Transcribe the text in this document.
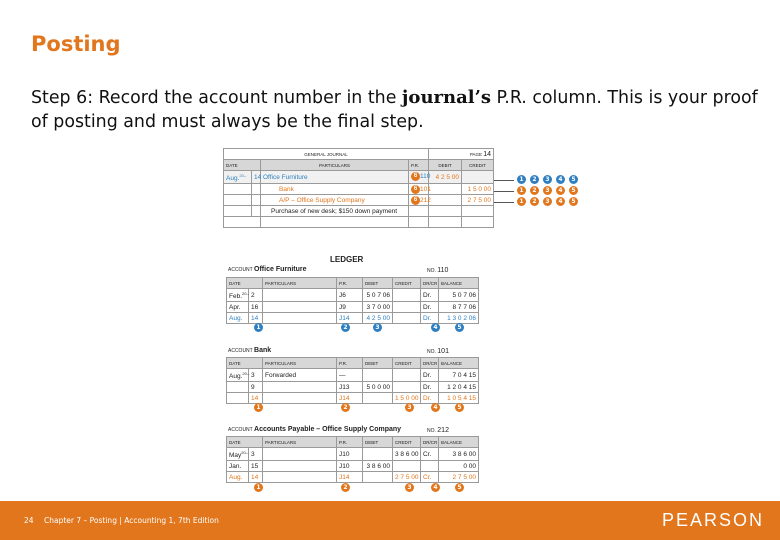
Posting
Step 6: Record the account number in the journal’s P.R. column. This is your proof of posting and must always be the final step.
GENERAL JOURNAL				PAGE 14	
DATE		PARTICULARS	P.R.	DEBIT	CREDIT
Aug.$^{20--}$	14	Office Furniture	6 110	4 2 5 00	
		Bank	6 101		1 5 0 00
		A/P – Office Supply Company	6 212		2 7 5 00
		Purchase of new desk; $150 down payment			

1 2 3 4 5
1 2 3 4 5
1 2 3 4 5
LEDGER
ACCOUNT Office Furniture	NO. 110
DATE		PARTICULARS	P.R.	DEBIT	CREDIT	DR/CR	BALANCE
Feb.$^{20--}$	2		J6	5 0 7 06		Dr.	5 0 7 06
Apr.	16		J9	3 7 0 00		Dr.	8 7 7 06
Aug.	14		J14	4 2 5 00		Dr.	1 3 0 2 06
1	2	3	4	5
ACCOUNT Bank	NO. 101
DATE		PARTICULARS	P.R.	DEBIT	CREDIT	DR/CR	BALANCE
Aug.$^{20--}$	3	Forwarded	—			Dr.	7 0 4 15
	9		J13	5 0 0 00		Dr.	1 2 0 4 15
	14		J14		1 5 0 00	Dr.	1 0 5 4 15
1	2	3	4	5
ACCOUNT Accounts Payable – Office Supply Company	NO. 212
DATE		PARTICULARS	P.R.	DEBIT	CREDIT	DR/CR	BALANCE
May$^{20--}$	3		J10		3 8 6 00	Cr.	3 8 6 00
Jan.	15		J10	3 8 6 00			0 00
Aug.	14		J14		2 7 5 00	Cr.	2 7 5 00
1	2	3	4	5
24 Chapter 7 – Posting | Accounting 1, 7th Edition	PEARSON
